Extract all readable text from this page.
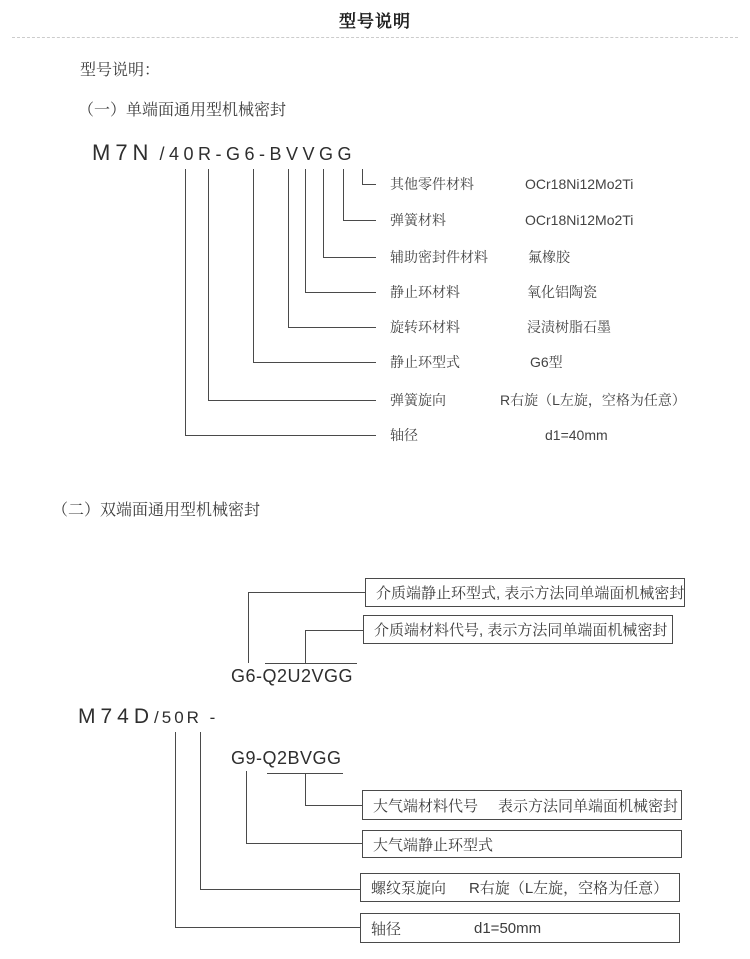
型号说明
型号说明：
（一）单端面通用型机械密封
M7N /40R-G6-BVVGG
其他零件材料	OCr18Ni12Mo2Ti
弹簧材料	OCr18Ni12Mo2Ti
辅助密封件材料	氟橡胶
静止环材料	氧化铝陶瓷
旋转环材料	浸渍树脂石墨
静止环型式	G6型
弹簧旋向	R右旋（L左旋，空格为任意）
轴径	d1=40mm
（二）双端面通用型机械密封
介质端静止环型式, 表示方法同单端面机械密封
介质端材料代号, 表示方法同单端面机械密封
G6-Q2U2VGG
M74D/50R -
G9-Q2BVGG
大气端材料代号	表示方法同单端面机械密封
大气端静止环型式
螺纹泵旋向	R右旋（L左旋，空格为任意）
轴径	d1=50mm
